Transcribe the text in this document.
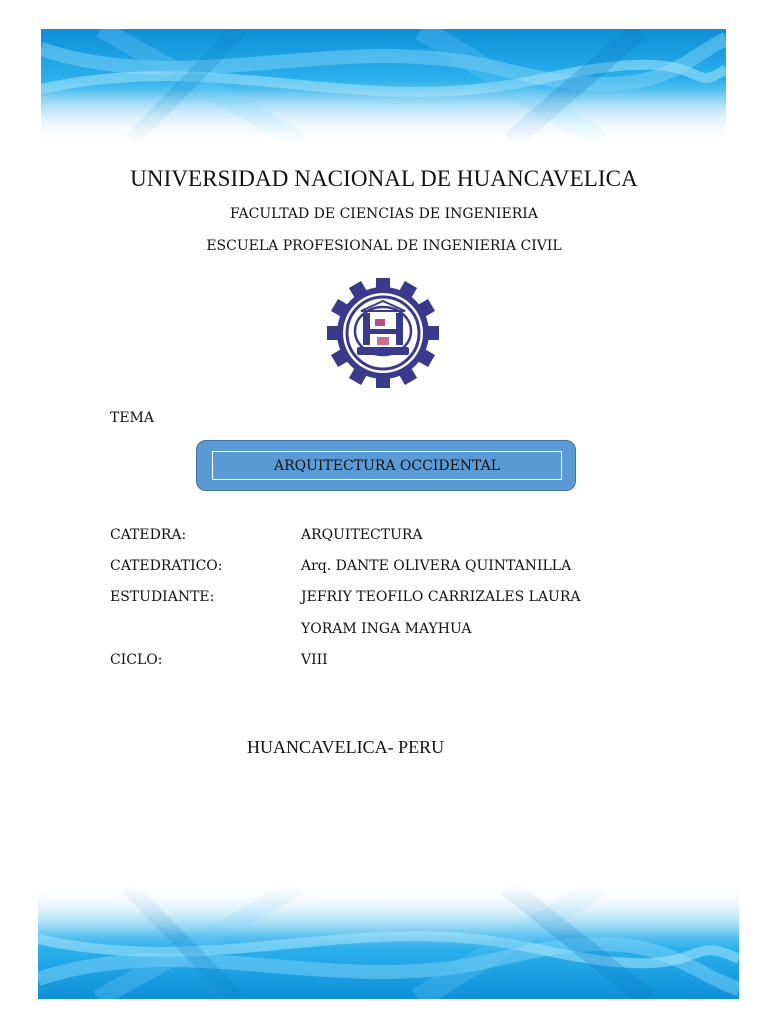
UNIVERSIDAD NACIONAL DE HUANCAVELICA
FACULTAD DE CIENCIAS DE INGENIERIA
ESCUELA PROFESIONAL DE INGENIERIA CIVIL
TEMA
ARQUITECTURA OCCIDENTAL
CATEDRA:	ARQUITECTURA
CATEDRATICO:	Arq. DANTE OLIVERA QUINTANILLA
ESTUDIANTE:	JEFRIY TEOFILO CARRIZALES LAURA
YORAM INGA MAYHUA
CICLO:	VIII
HUANCAVELICA- PERU
